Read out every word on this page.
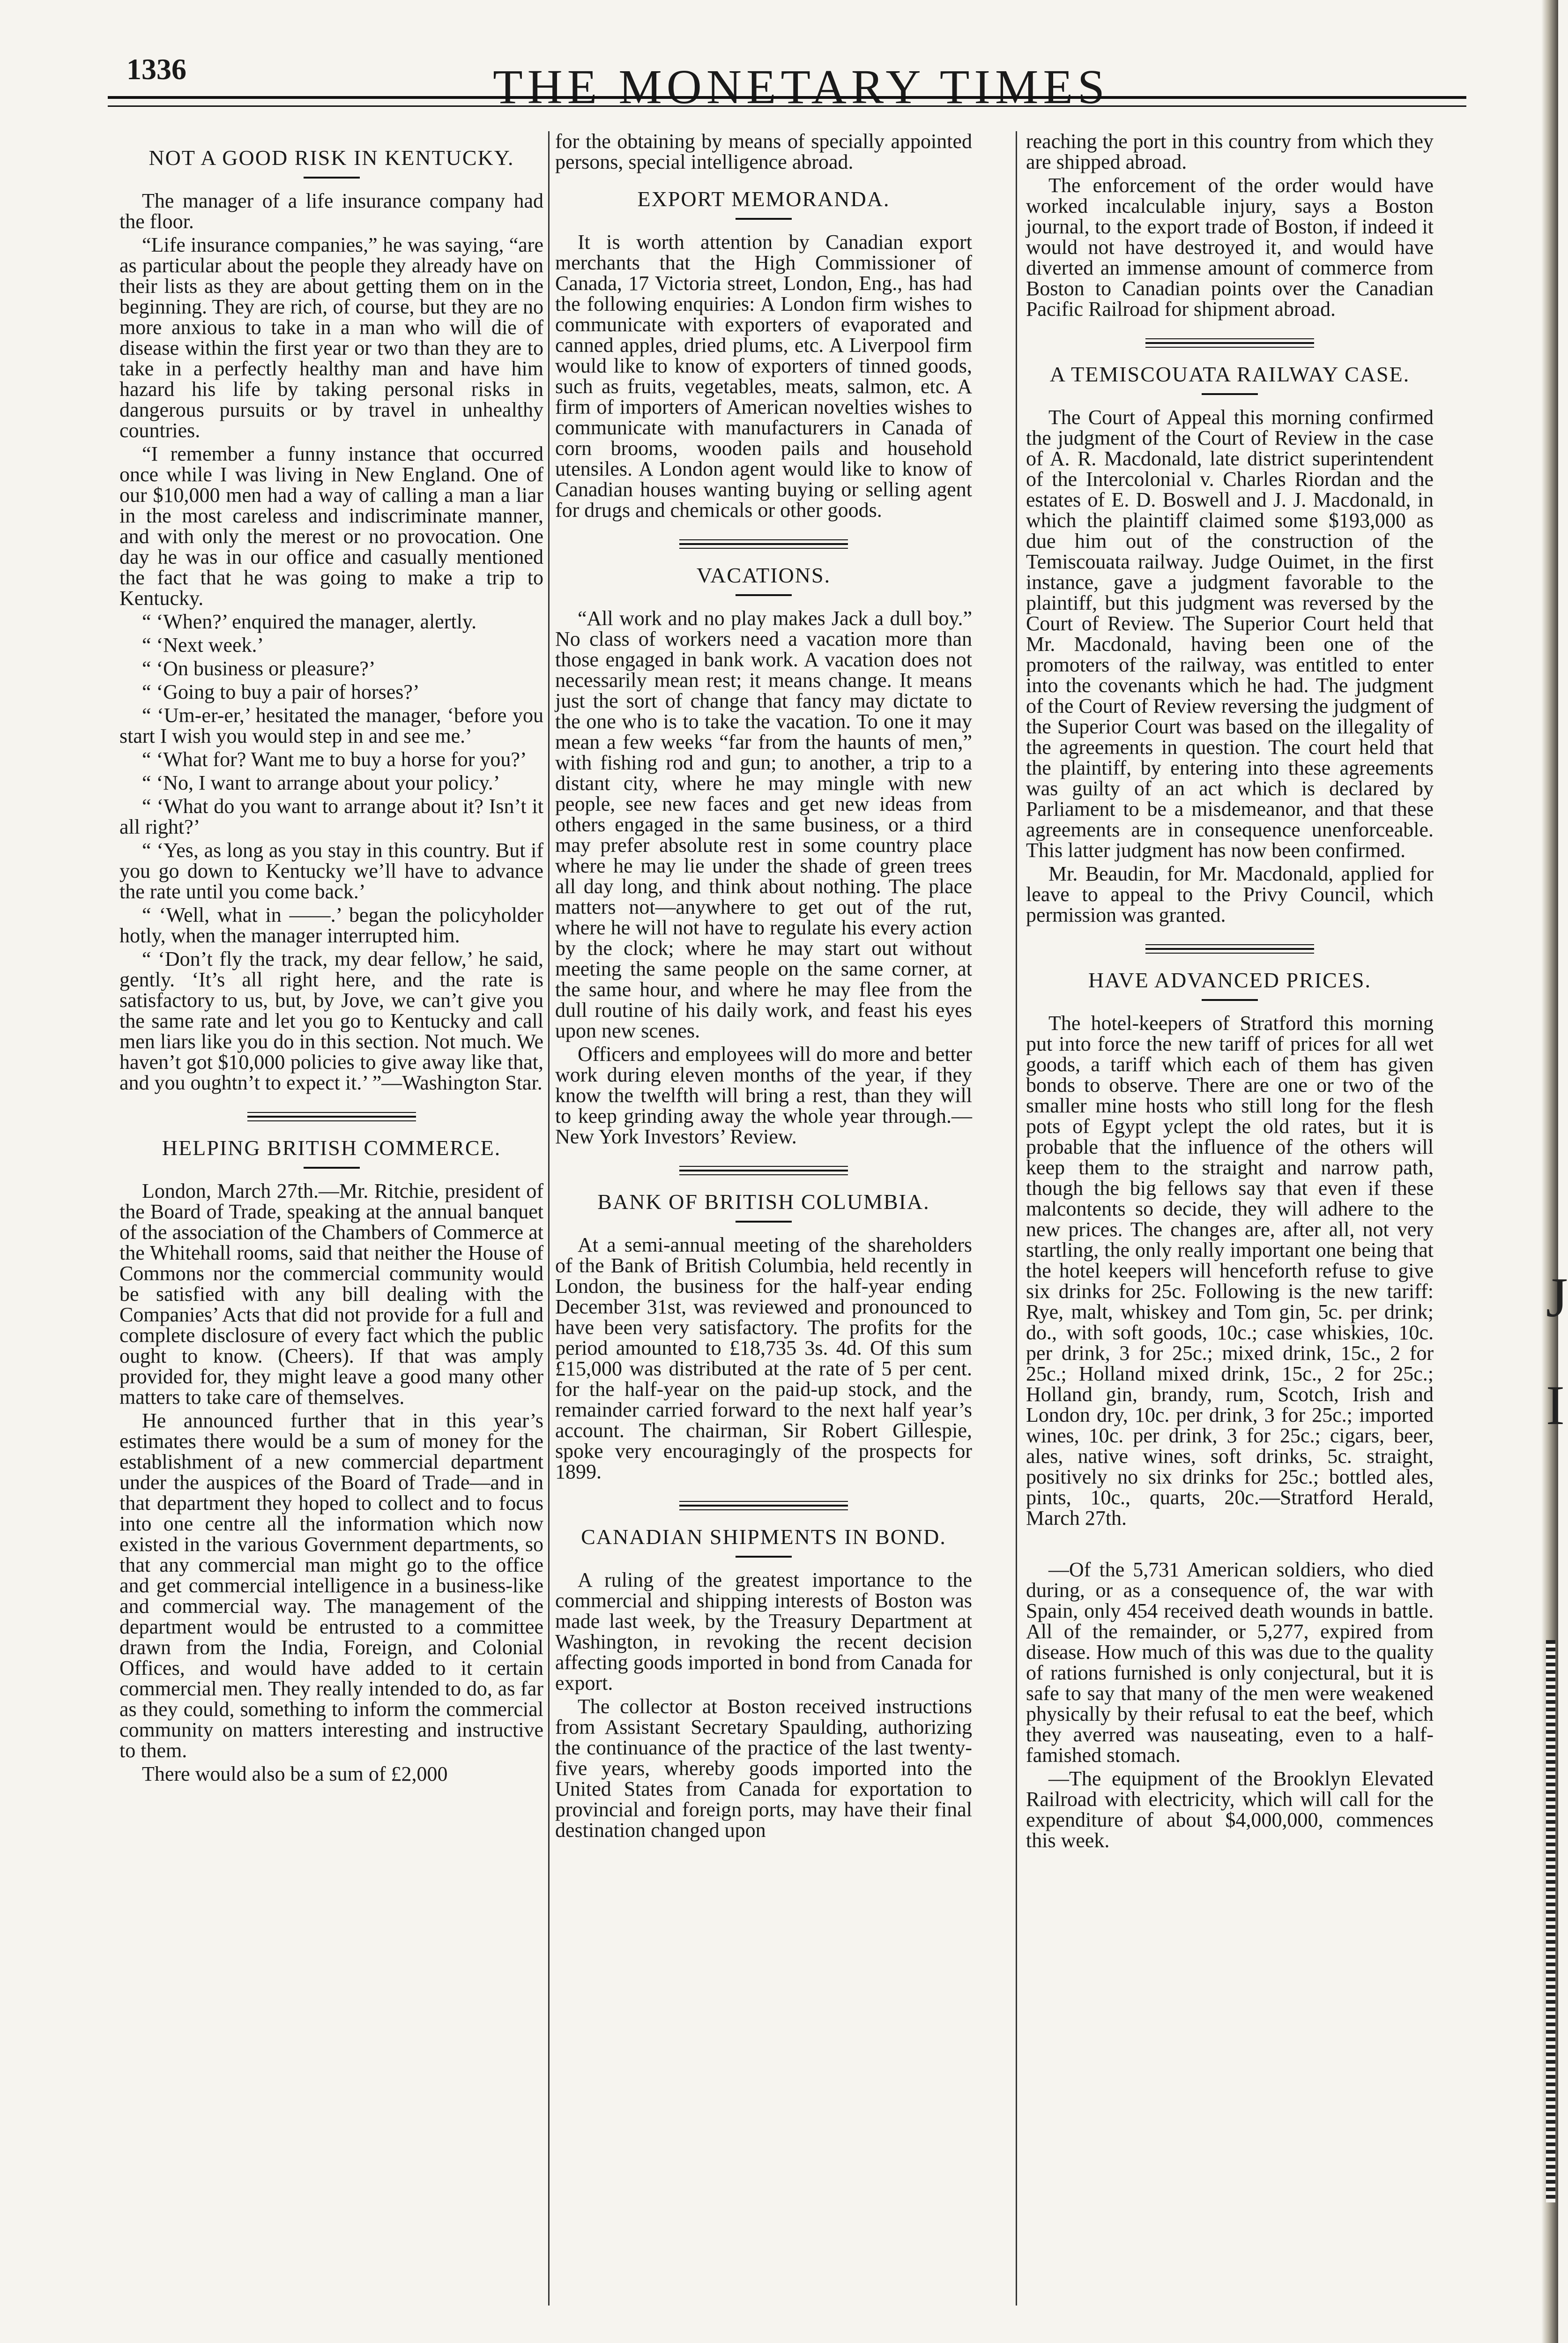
1336	THE MONETARY TIMES
NOT A GOOD RISK IN KENTUCKY.

The manager of a life insurance company had the floor.

“Life insurance companies,” he was saying, “are as particular about the people they already have on their lists as they are about getting them on in the beginning. They are rich, of course, but they are no more anxious to take in a man who will die of disease within the first year or two than they are to take in a perfectly healthy man and have him hazard his life by taking personal risks in dangerous pursuits or by travel in unhealthy countries.

“I remember a funny instance that occurred once while I was living in New England. One of our $10,000 men had a way of calling a man a liar in the most careless and indiscriminate manner, and with only the merest or no provocation. One day he was in our office and casually mentioned the fact that he was going to make a trip to Kentucky.

“ ‘When?’ enquired the manager, alertly.

“ ‘Next week.’

“ ‘On business or pleasure?’

“ ‘Going to buy a pair of horses?’

“ ‘Um-er-er,’ hesitated the manager, ‘before you start I wish you would step in and see me.’

“ ‘What for? Want me to buy a horse for you?’

“ ‘No, I want to arrange about your policy.’

“ ‘What do you want to arrange about it? Isn’t it all right?’

“ ‘Yes, as long as you stay in this country. But if you go down to Kentucky we’ll have to advance the rate until you come back.’

“ ‘Well, what in ——.’ began the policyholder hotly, when the manager interrupted him.

“ ‘Don’t fly the track, my dear fellow,’ he said, gently. ‘It’s all right here, and the rate is satisfactory to us, but, by Jove, we can’t give you the same rate and let you go to Kentucky and call men liars like you do in this section. Not much. We haven’t got $10,000 policies to give away like that, and you oughtn’t to expect it.’ ”—Washington Star.

HELPING BRITISH COMMERCE.

London, March 27th.—Mr. Ritchie, president of the Board of Trade, speaking at the annual banquet of the association of the Chambers of Commerce at the Whitehall rooms, said that neither the House of Commons nor the commercial community would be satisfied with any bill dealing with the Companies’ Acts that did not provide for a full and complete disclosure of every fact which the public ought to know. (Cheers). If that was amply provided for, they might leave a good many other matters to take care of themselves.

He announced further that in this year’s estimates there would be a sum of money for the establishment of a new commercial department under the auspices of the Board of Trade—and in that department they hoped to collect and to focus into one centre all the information which now existed in the various Government departments, so that any commercial man might go to the office and get commercial intelligence in a business-like and commercial way. The management of the department would be entrusted to a committee drawn from the India, Foreign, and Colonial Offices, and would have added to it certain commercial men. They really intended to do, as far as they could, something to inform the commercial community on matters interesting and instructive to them.

There would also be a sum of £2,000

for the obtaining by means of specially appointed persons, special intelligence abroad.

EXPORT MEMORANDA.

It is worth attention by Canadian export merchants that the High Commissioner of Canada, 17 Victoria street, London, Eng., has had the following enquiries: A London firm wishes to communicate with exporters of evaporated and canned apples, dried plums, etc. A Liverpool firm would like to know of exporters of tinned goods, such as fruits, vegetables, meats, salmon, etc. A firm of importers of American novelties wishes to communicate with manufacturers in Canada of corn brooms, wooden pails and household utensiles. A London agent would like to know of Canadian houses wanting buying or selling agent for drugs and chemicals or other goods.

VACATIONS.

“All work and no play makes Jack a dull boy.” No class of workers need a vacation more than those engaged in bank work. A vacation does not necessarily mean rest; it means change. It means just the sort of change that fancy may dictate to the one who is to take the vacation. To one it may mean a few weeks “far from the haunts of men,” with fishing rod and gun; to another, a trip to a distant city, where he may mingle with new people, see new faces and get new ideas from others engaged in the same business, or a third may prefer absolute rest in some country place where he may lie under the shade of green trees all day long, and think about nothing. The place matters not—anywhere to get out of the rut, where he will not have to regulate his every action by the clock; where he may start out without meeting the same people on the same corner, at the same hour, and where he may flee from the dull routine of his daily work, and feast his eyes upon new scenes.

Officers and employees will do more and better work during eleven months of the year, if they know the twelfth will bring a rest, than they will to keep grinding away the whole year through.—New York Investors’ Review.

BANK OF BRITISH COLUMBIA.

At a semi-annual meeting of the shareholders of the Bank of British Columbia, held recently in London, the business for the half-year ending December 31st, was reviewed and pronounced to have been very satisfactory. The profits for the period amounted to £18,735 3s. 4d. Of this sum £15,000 was distributed at the rate of 5 per cent. for the half-year on the paid-up stock, and the remainder carried forward to the next half year’s account. The chairman, Sir Robert Gillespie, spoke very encouragingly of the prospects for 1899.

CANADIAN SHIPMENTS IN BOND.

A ruling of the greatest importance to the commercial and shipping interests of Boston was made last week, by the Treasury Department at Washington, in revoking the recent decision affecting goods imported in bond from Canada for export.

The collector at Boston received instructions from Assistant Secretary Spaulding, authorizing the continuance of the practice of the last twenty-five years, whereby goods imported into the United States from Canada for exportation to provincial and foreign ports, may have their final destination changed upon

reaching the port in this country from which they are shipped abroad.

The enforcement of the order would have worked incalculable injury, says a Boston journal, to the export trade of Boston, if indeed it would not have destroyed it, and would have diverted an immense amount of commerce from Boston to Canadian points over the Canadian Pacific Railroad for shipment abroad.

A TEMISCOUATA RAILWAY CASE.

The Court of Appeal this morning confirmed the judgment of the Court of Review in the case of A. R. Macdonald, late district superintendent of the Intercolonial v. Charles Riordan and the estates of E. D. Boswell and J. J. Macdonald, in which the plaintiff claimed some $193,000 as due him out of the construction of the Temiscouata railway. Judge Ouimet, in the first instance, gave a judgment favorable to the plaintiff, but this judgment was reversed by the Court of Review. The Superior Court held that Mr. Macdonald, having been one of the promoters of the railway, was entitled to enter into the covenants which he had. The judgment of the Court of Review reversing the judgment of the Superior Court was based on the illegality of the agreements in question. The court held that the plaintiff, by entering into these agreements was guilty of an act which is declared by Parliament to be a misdemeanor, and that these agreements are in consequence unenforceable. This latter judgment has now been confirmed.

Mr. Beaudin, for Mr. Macdonald, applied for leave to appeal to the Privy Council, which permission was granted.

HAVE ADVANCED PRICES.

The hotel-keepers of Stratford this morning put into force the new tariff of prices for all wet goods, a tariff which each of them has given bonds to observe. There are one or two of the smaller mine hosts who still long for the flesh pots of Egypt yclept the old rates, but it is probable that the influence of the others will keep them to the straight and narrow path, though the big fellows say that even if these malcontents so decide, they will adhere to the new prices. The changes are, after all, not very startling, the only really important one being that the hotel keepers will henceforth refuse to give six drinks for 25c. Following is the new tariff: Rye, malt, whiskey and Tom gin, 5c. per drink; do., with soft goods, 10c.; case whiskies, 10c. per drink, 3 for 25c.; mixed drink, 15c., 2 for 25c.; Holland mixed drink, 15c., 2 for 25c.; Holland gin, brandy, rum, Scotch, Irish and London dry, 10c. per drink, 3 for 25c.; imported wines, 10c. per drink, 3 for 25c.; cigars, beer, ales, native wines, soft drinks, 5c. straight, positively no six drinks for 25c.; bottled ales, pints, 10c., quarts, 20c.—Stratford Herald, March 27th.

—Of the 5,731 American soldiers, who died during, or as a consequence of, the war with Spain, only 454 received death wounds in battle. All of the remainder, or 5,277, expired from disease. How much of this was due to the quality of rations furnished is only conjectural, but it is safe to say that many of the men were weakened physically by their refusal to eat the beef, which they averred was nauseating, even to a half-famished stomach.

—The equipment of the Brooklyn Elevated Railroad with electricity, which will call for the expenditure of about $4,000,000, commences this week.

J
I
